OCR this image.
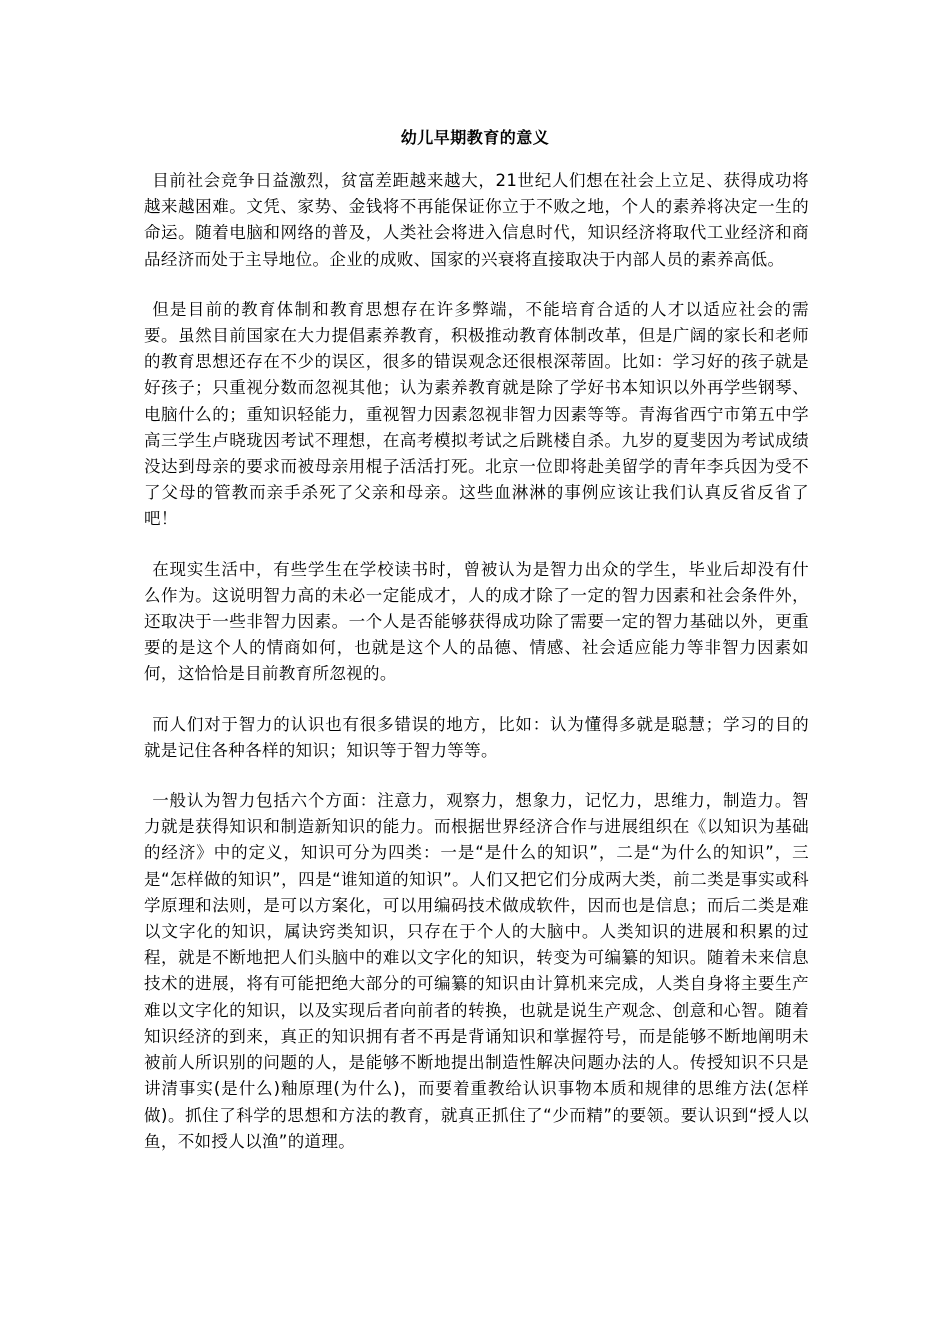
幼儿早期教育的意义

目前社会竞争日益激烈，贫富差距越来越大，21世纪人们想在社会上立足、获得成功将越来越困难。文凭、家势、金钱将不再能保证你立于不败之地，个人的素养将决定一生的命运。随着电脑和网络的普及，人类社会将进入信息时代，知识经济将取代工业经济和商品经济而处于主导地位。企业的成败、国家的兴衰将直接取决于内部人员的素养高低。

但是目前的教育体制和教育思想存在许多弊端，不能培育合适的人才以适应社会的需要。虽然目前国家在大力提倡素养教育，积极推动教育体制改革，但是广阔的家长和老师的教育思想还存在不少的误区，很多的错误观念还很根深蒂固。比如：学习好的孩子就是好孩子；只重视分数而忽视其他；认为素养教育就是除了学好书本知识以外再学些钢琴、电脑什么的；重知识轻能力，重视智力因素忽视非智力因素等等。青海省西宁市第五中学高三学生卢晓珑因考试不理想，在高考模拟考试之后跳楼自杀。九岁的夏斐因为考试成绩没达到母亲的要求而被母亲用棍子活活打死。北京一位即将赴美留学的青年李兵因为受不了父母的管教而亲手杀死了父亲和母亲。这些血淋淋的事例应该让我们认真反省反省了吧！

在现实生活中，有些学生在学校读书时，曾被认为是智力出众的学生，毕业后却没有什么作为。这说明智力高的未必一定能成才，人的成才除了一定的智力因素和社会条件外，还取决于一些非智力因素。一个人是否能够获得成功除了需要一定的智力基础以外，更重要的是这个人的情商如何，也就是这个人的品德、情感、社会适应能力等非智力因素如何，这恰恰是目前教育所忽视的。

而人们对于智力的认识也有很多错误的地方，比如：认为懂得多就是聪慧；学习的目的就是记住各种各样的知识；知识等于智力等等。

一般认为智力包括六个方面：注意力，观察力，想象力，记忆力，思维力，制造力。智力就是获得知识和制造新知识的能力。而根据世界经济合作与进展组织在《以知识为基础的经济》中的定义，知识可分为四类：一是“是什么的知识”，二是“为什么的知识”，三是“怎样做的知识”，四是“谁知道的知识”。人们又把它们分成两大类，前二类是事实或科学原理和法则，是可以方案化，可以用编码技术做成软件，因而也是信息；而后二类是难以文字化的知识，属诀窍类知识，只存在于个人的大脑中。人类知识的进展和积累的过程，就是不断地把人们头脑中的难以文字化的知识，转变为可编纂的知识。随着未来信息技术的进展，将有可能把绝大部分的可编纂的知识由计算机来完成，人类自身将主要生产难以文字化的知识，以及实现后者向前者的转换，也就是说生产观念、创意和心智。随着知识经济的到来，真正的知识拥有者不再是背诵知识和掌握符号，而是能够不断地阐明未被前人所识别的问题的人，是能够不断地提出制造性解决问题办法的人。传授知识不只是讲清事实(是什么)釉原理(为什么)，而要着重教给认识事物本质和规律的思维方法(怎样做)。抓住了科学的思想和方法的教育，就真正抓住了“少而精”的要领。要认识到“授人以鱼，不如授人以渔”的道理。
